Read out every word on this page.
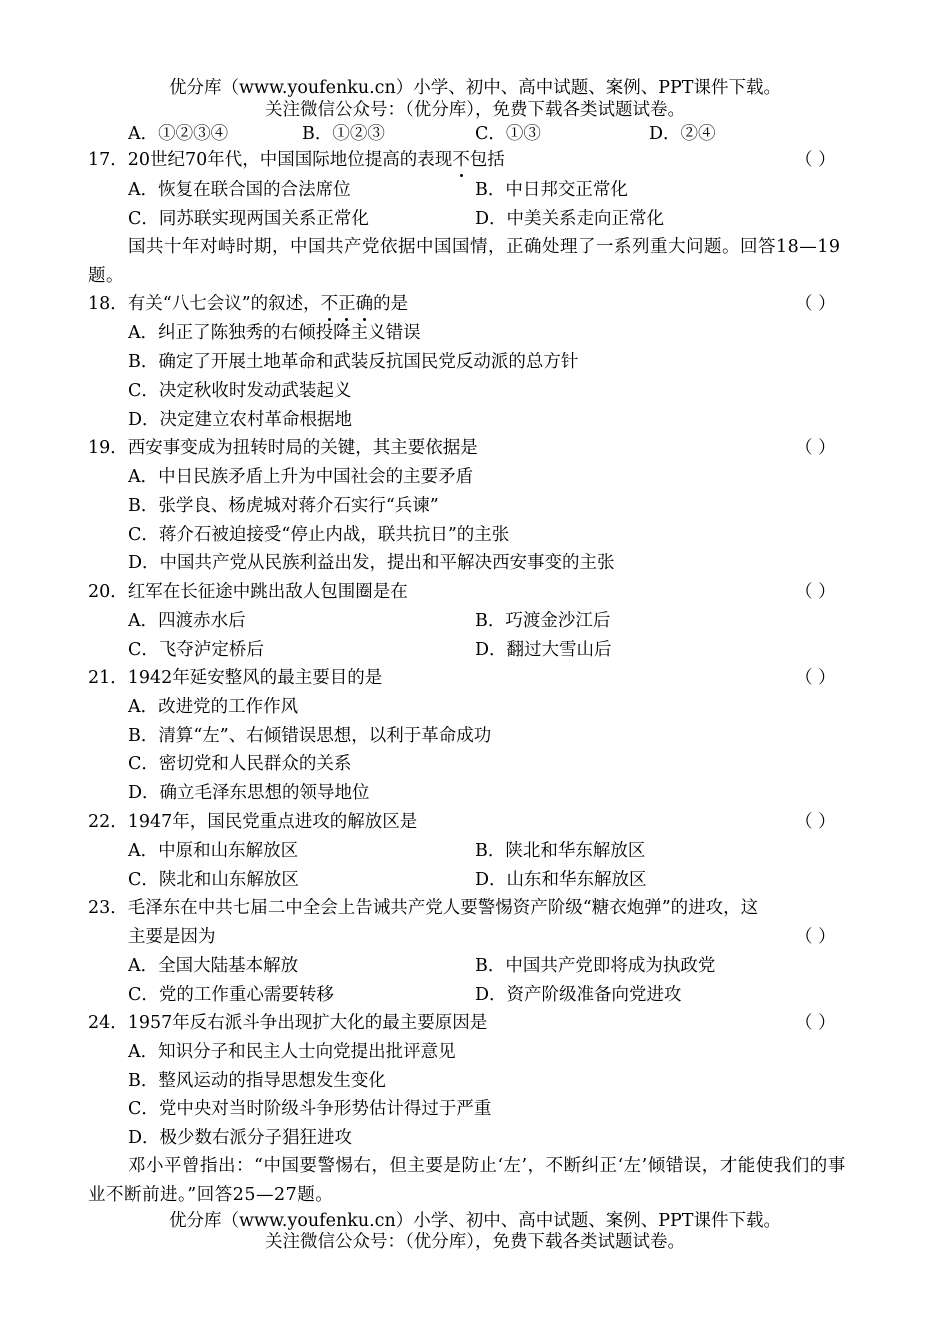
优分库（www.youfenku.cn）小学、初中、高中试题、案例、PPT课件下载。
关注微信公众号：（优分库），免费下载各类试题试卷。
A．①②③④	B．①②③	C．①③	D．②④
17．20世纪70年代，中国国际地位提高的表现不包括	（ ）
A．恢复在联合国的合法席位	B．中日邦交正常化
C．同苏联实现两国关系正常化	D．中美关系走向正常化
国共十年对峙时期，中国共产党依据中国国情，正确处理了一系列重大问题。回答18—19题。
18．有关“八七会议”的叙述，不正确的是	（ ）
A．纠正了陈独秀的右倾投降主义错误
B．确定了开展土地革命和武装反抗国民党反动派的总方针
C．决定秋收时发动武装起义
D．决定建立农村革命根据地
19．西安事变成为扭转时局的关键，其主要依据是	（ ）
A．中日民族矛盾上升为中国社会的主要矛盾
B．张学良、杨虎城对蒋介石实行“兵谏”
C．蒋介石被迫接受“停止内战，联共抗日”的主张
D．中国共产党从民族利益出发，提出和平解决西安事变的主张
20．红军在长征途中跳出敌人包围圈是在	（ ）
A．四渡赤水后	B．巧渡金沙江后
C．飞夺泸定桥后	D．翻过大雪山后
21．1942年延安整风的最主要目的是	（ ）
A．改进党的工作作风
B．清算“左”、右倾错误思想，以利于革命成功
C．密切党和人民群众的关系
D．确立毛泽东思想的领导地位
22．1947年，国民党重点进攻的解放区是	（ ）
A．中原和山东解放区	B．陕北和华东解放区
C．陕北和山东解放区	D．山东和华东解放区
23．毛泽东在中共七届二中全会上告诫共产党人要警惕资产阶级“糖衣炮弹”的进攻，这
主要是因为	（ ）
A．全国大陆基本解放	B．中国共产党即将成为执政党
C．党的工作重心需要转移	D．资产阶级准备向党进攻
24．1957年反右派斗争出现扩大化的最主要原因是	（ ）
A．知识分子和民主人士向党提出批评意见
B．整风运动的指导思想发生变化
C．党中央对当时阶级斗争形势估计得过于严重
D．极少数右派分子猖狂进攻
邓小平曾指出：“中国要警惕右，但主要是防止‘左’，不断纠正‘左’倾错误，才能使我们的事业不断前进。”回答25—27题。
优分库（www.youfenku.cn）小学、初中、高中试题、案例、PPT课件下载。
关注微信公众号：（优分库），免费下载各类试题试卷。
